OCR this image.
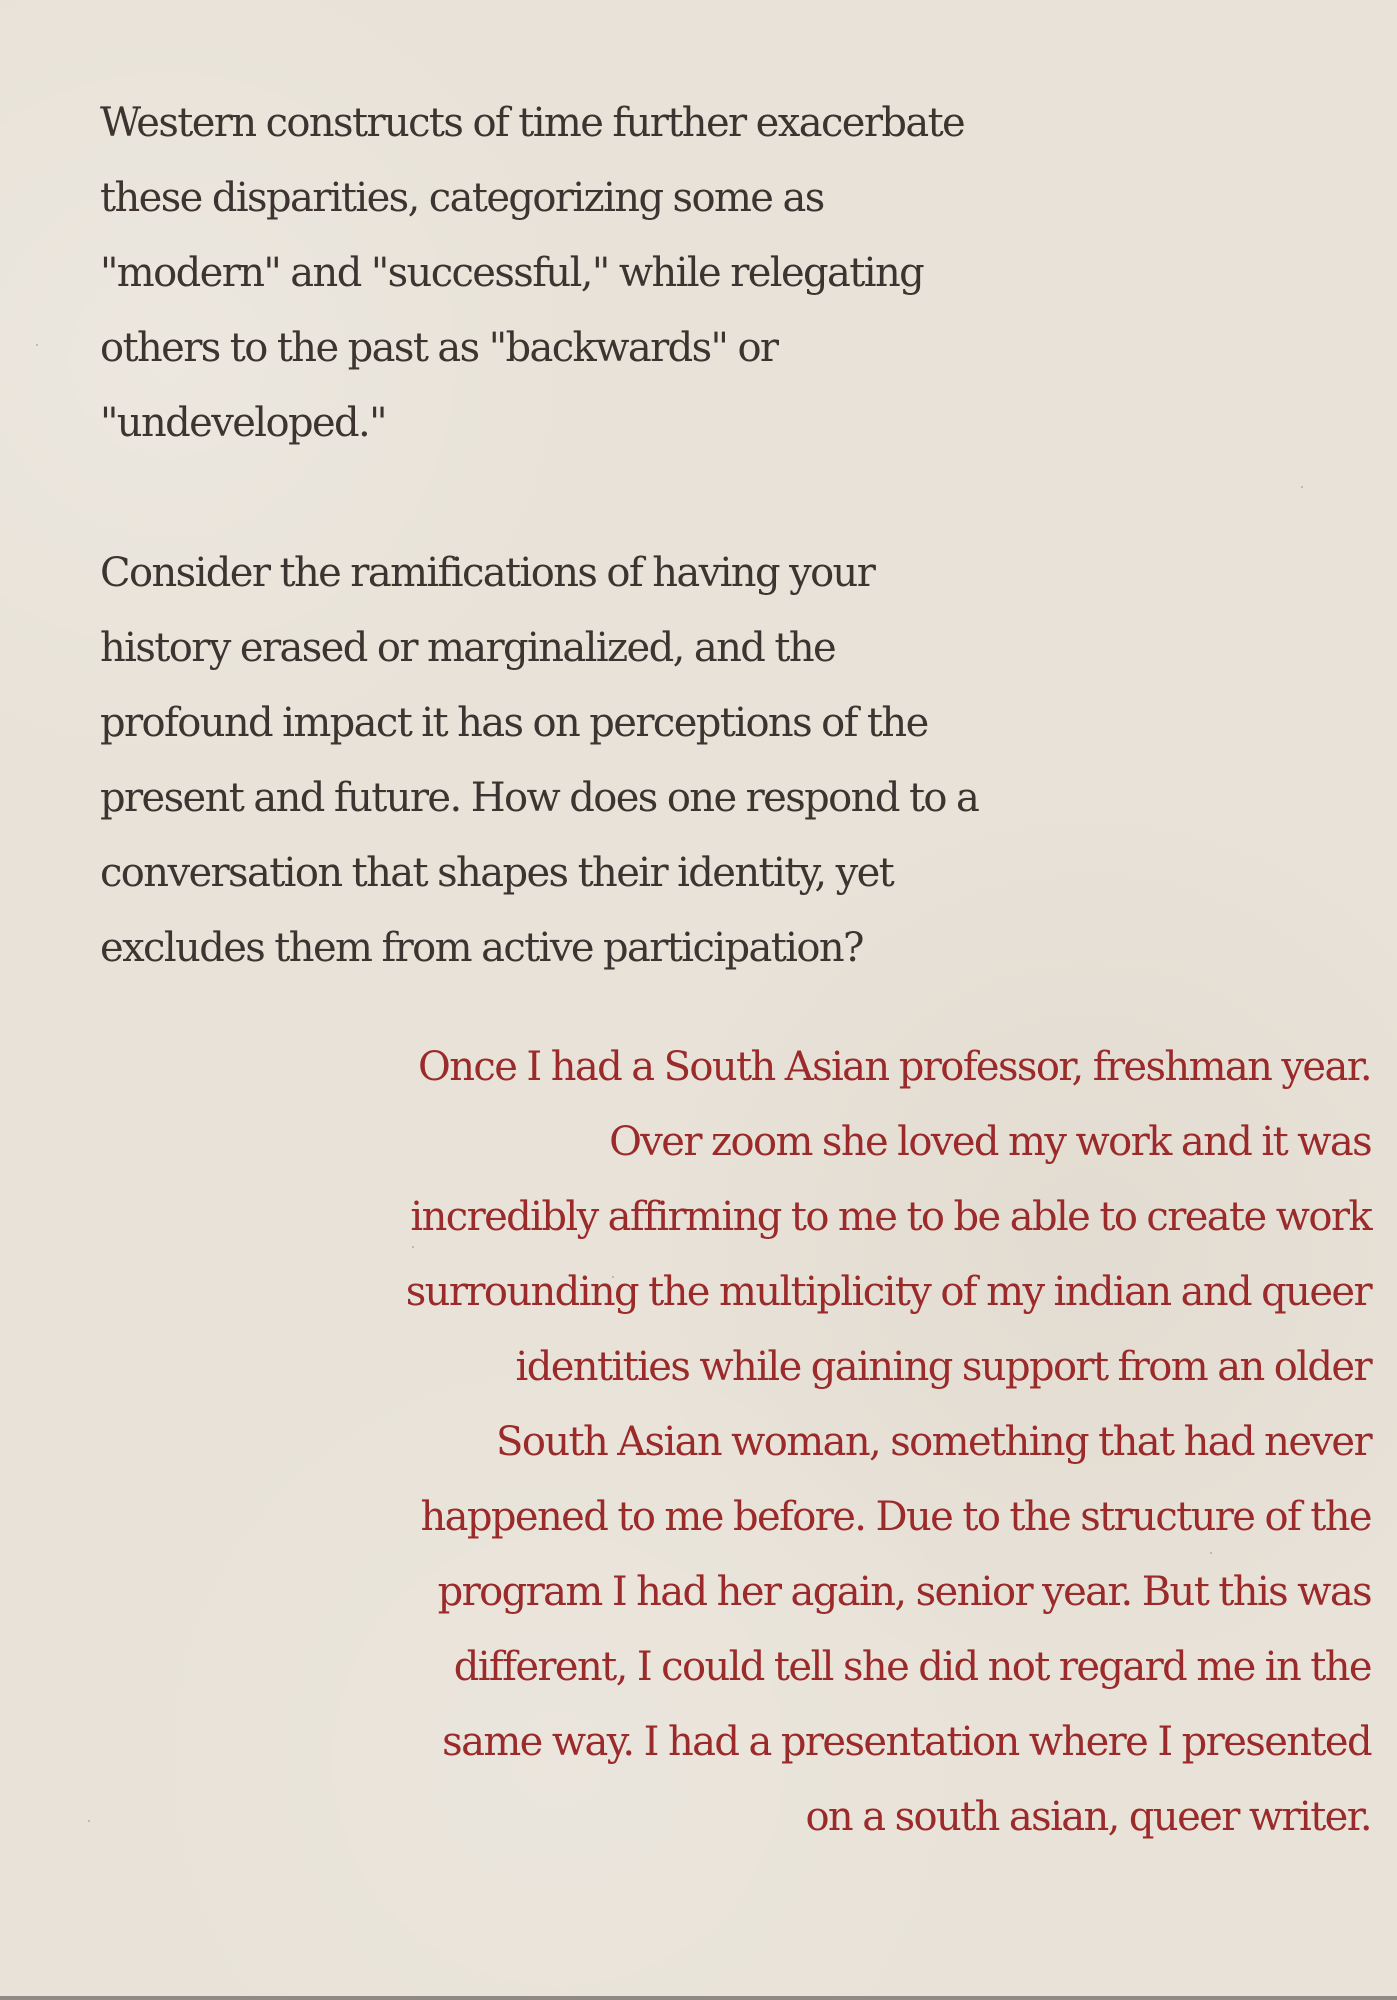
Western constructs of time further exacerbate
these disparities, categorizing some as
"modern" and "successful," while relegating
others to the past as "backwards" or
"undeveloped."

Consider the ramifications of having your
history erased or marginalized, and the
profound impact it has on perceptions of the
present and future. How does one respond to a
conversation that shapes their identity, yet
excludes them from active participation?

Once I had a South Asian professor, freshman year.
Over zoom she loved my work and it was
incredibly affirming to me to be able to create work
surrounding the multiplicity of my indian and queer
identities while gaining support from an older
South Asian woman, something that had never
happened to me before. Due to the structure of the
program I had her again, senior year. But this was
different, I could tell she did not regard me in the
same way. I had a presentation where I presented
on a south asian, queer writer.
